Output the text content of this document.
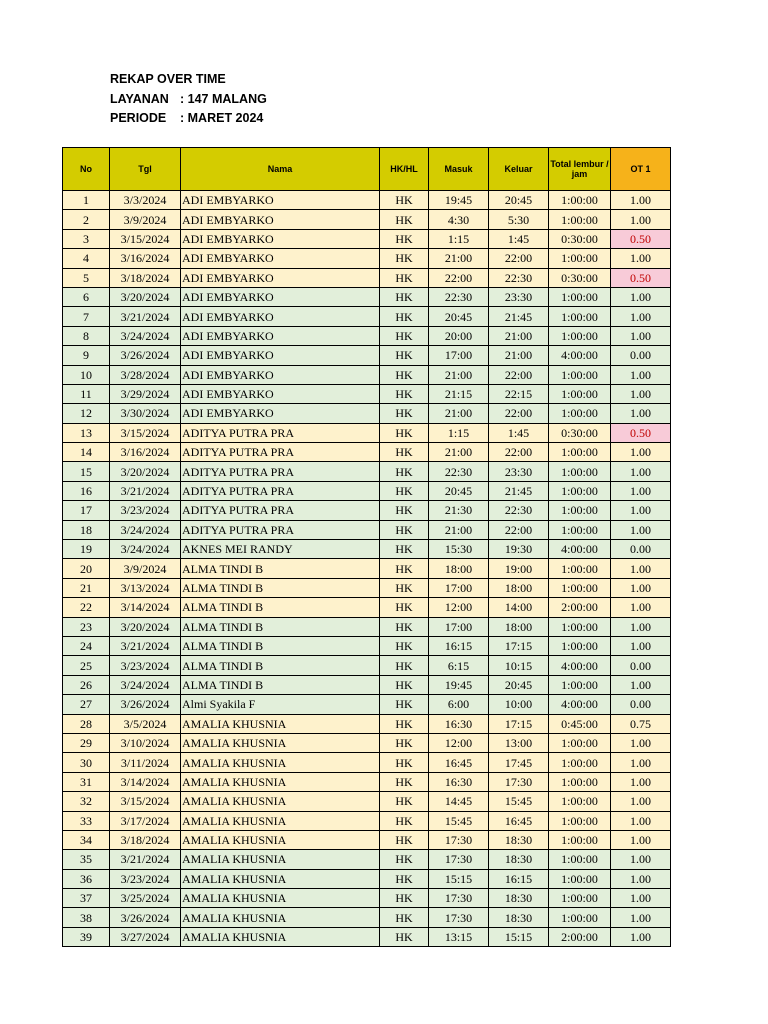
REKAP OVER TIME
LAYANAN : 147 MALANG
PERIODE : MARET 2024
No	Tgl	Nama	HK/HL	Masuk	Keluar	Total lembur / jam	OT 1
1	3/3/2024	ADI EMBYARKO	HK	19:45	20:45	1:00:00	1.00
2	3/9/2024	ADI EMBYARKO	HK	4:30	5:30	1:00:00	1.00
3	3/15/2024	ADI EMBYARKO	HK	1:15	1:45	0:30:00	0.50
4	3/16/2024	ADI EMBYARKO	HK	21:00	22:00	1:00:00	1.00
5	3/18/2024	ADI EMBYARKO	HK	22:00	22:30	0:30:00	0.50
6	3/20/2024	ADI EMBYARKO	HK	22:30	23:30	1:00:00	1.00
7	3/21/2024	ADI EMBYARKO	HK	20:45	21:45	1:00:00	1.00
8	3/24/2024	ADI EMBYARKO	HK	20:00	21:00	1:00:00	1.00
9	3/26/2024	ADI EMBYARKO	HK	17:00	21:00	4:00:00	0.00
10	3/28/2024	ADI EMBYARKO	HK	21:00	22:00	1:00:00	1.00
11	3/29/2024	ADI EMBYARKO	HK	21:15	22:15	1:00:00	1.00
12	3/30/2024	ADI EMBYARKO	HK	21:00	22:00	1:00:00	1.00
13	3/15/2024	ADITYA PUTRA PRA	HK	1:15	1:45	0:30:00	0.50
14	3/16/2024	ADITYA PUTRA PRA	HK	21:00	22:00	1:00:00	1.00
15	3/20/2024	ADITYA PUTRA PRA	HK	22:30	23:30	1:00:00	1.00
16	3/21/2024	ADITYA PUTRA PRA	HK	20:45	21:45	1:00:00	1.00
17	3/23/2024	ADITYA PUTRA PRA	HK	21:30	22:30	1:00:00	1.00
18	3/24/2024	ADITYA PUTRA PRA	HK	21:00	22:00	1:00:00	1.00
19	3/24/2024	AKNES MEI RANDY	HK	15:30	19:30	4:00:00	0.00
20	3/9/2024	ALMA TINDI B	HK	18:00	19:00	1:00:00	1.00
21	3/13/2024	ALMA TINDI B	HK	17:00	18:00	1:00:00	1.00
22	3/14/2024	ALMA TINDI B	HK	12:00	14:00	2:00:00	1.00
23	3/20/2024	ALMA TINDI B	HK	17:00	18:00	1:00:00	1.00
24	3/21/2024	ALMA TINDI B	HK	16:15	17:15	1:00:00	1.00
25	3/23/2024	ALMA TINDI B	HK	6:15	10:15	4:00:00	0.00
26	3/24/2024	ALMA TINDI B	HK	19:45	20:45	1:00:00	1.00
27	3/26/2024	Almi Syakila F	HK	6:00	10:00	4:00:00	0.00
28	3/5/2024	AMALIA KHUSNIA	HK	16:30	17:15	0:45:00	0.75
29	3/10/2024	AMALIA KHUSNIA	HK	12:00	13:00	1:00:00	1.00
30	3/11/2024	AMALIA KHUSNIA	HK	16:45	17:45	1:00:00	1.00
31	3/14/2024	AMALIA KHUSNIA	HK	16:30	17:30	1:00:00	1.00
32	3/15/2024	AMALIA KHUSNIA	HK	14:45	15:45	1:00:00	1.00
33	3/17/2024	AMALIA KHUSNIA	HK	15:45	16:45	1:00:00	1.00
34	3/18/2024	AMALIA KHUSNIA	HK	17:30	18:30	1:00:00	1.00
35	3/21/2024	AMALIA KHUSNIA	HK	17:30	18:30	1:00:00	1.00
36	3/23/2024	AMALIA KHUSNIA	HK	15:15	16:15	1:00:00	1.00
37	3/25/2024	AMALIA KHUSNIA	HK	17:30	18:30	1:00:00	1.00
38	3/26/2024	AMALIA KHUSNIA	HK	17:30	18:30	1:00:00	1.00
39	3/27/2024	AMALIA KHUSNIA	HK	13:15	15:15	2:00:00	1.00
